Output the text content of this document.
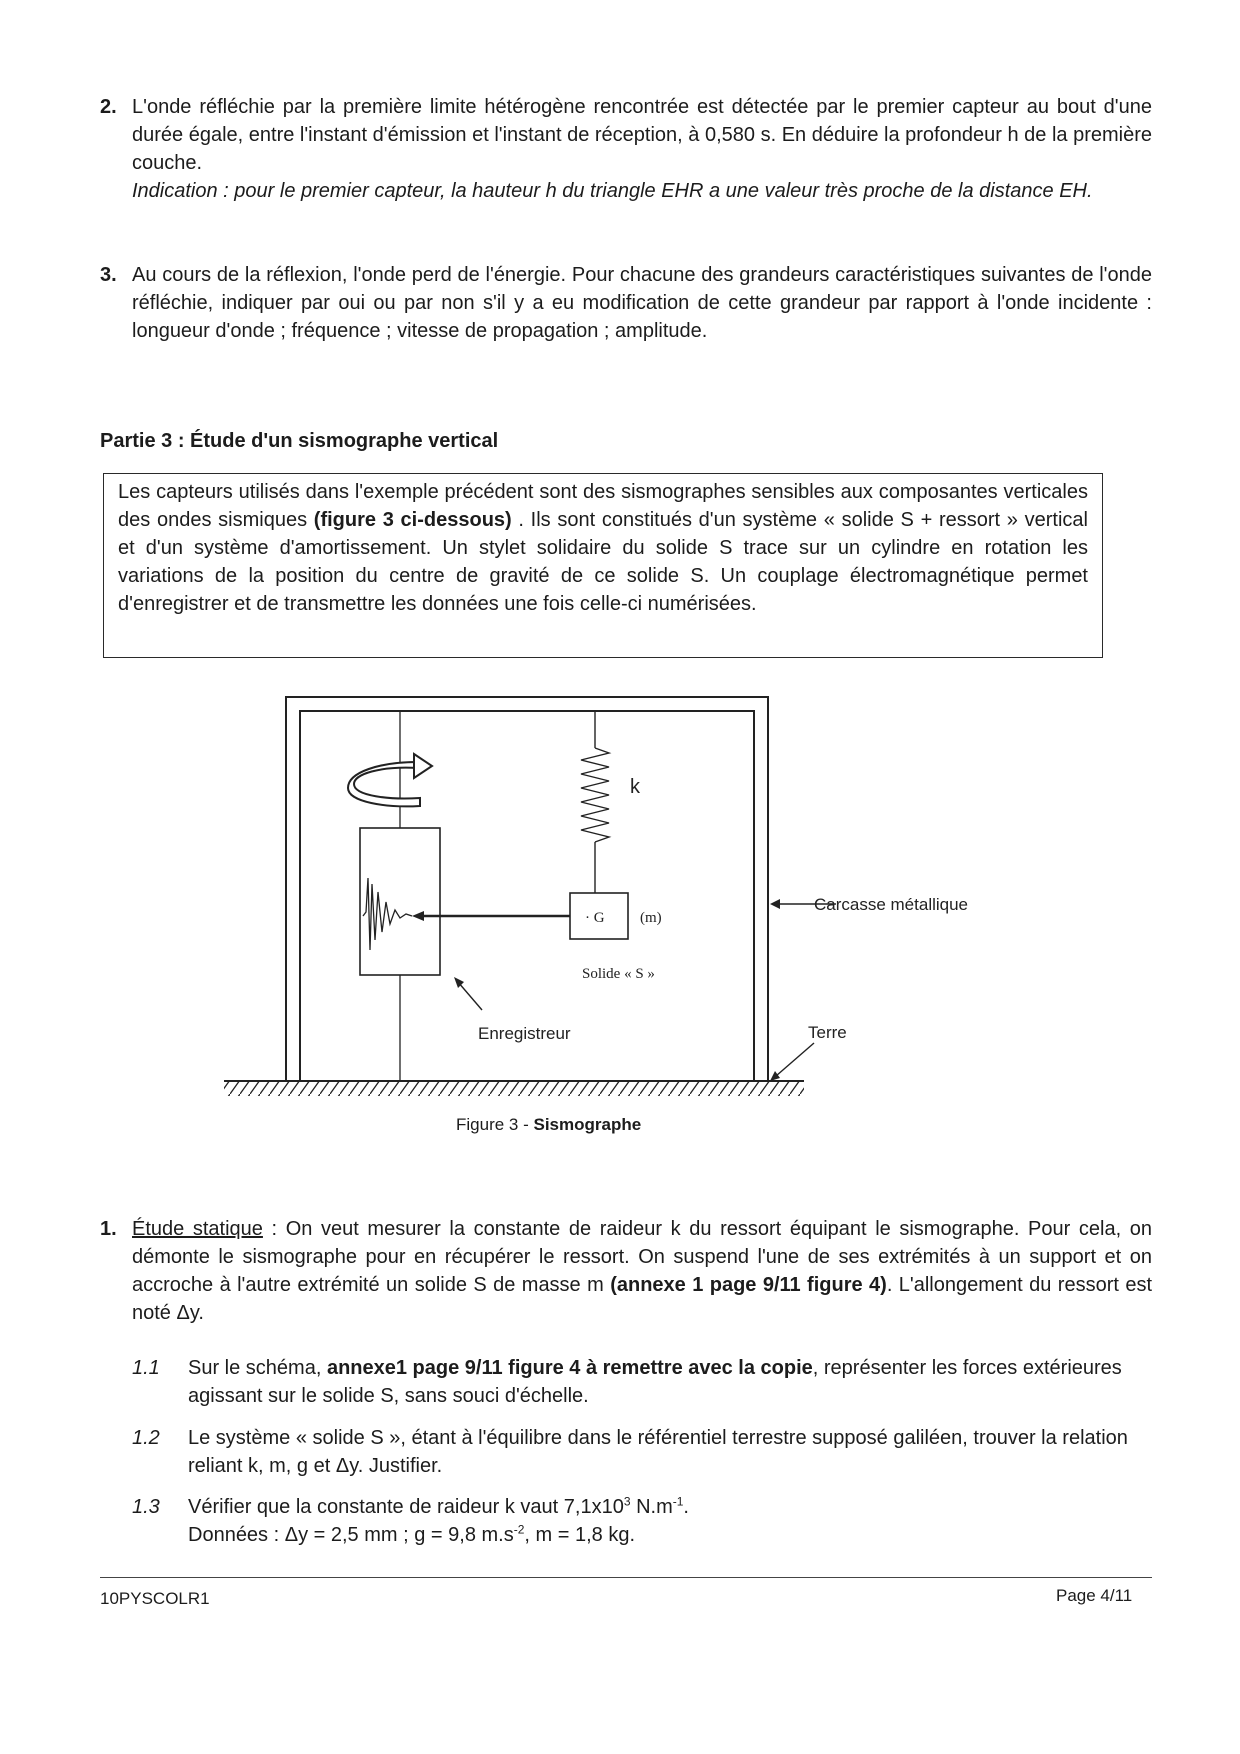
2. L'onde réfléchie par la première limite hétérogène rencontrée est détectée par le premier capteur au bout d'une durée égale, entre l'instant d'émission et l'instant de réception, à 0,580 s. En déduire la profondeur h de la première couche.
Indication : pour le premier capteur, la hauteur h du triangle EHR a une valeur très proche de la distance EH.
3. Au cours de la réflexion, l'onde perd de l'énergie. Pour chacune des grandeurs caractéristiques suivantes de l'onde réfléchie, indiquer par oui ou par non s'il y a eu modification de cette grandeur par rapport à l'onde incidente : longueur d'onde ; fréquence ; vitesse de propagation ; amplitude.
Partie 3 : Étude d'un sismographe vertical
Les capteurs utilisés dans l'exemple précédent sont des sismographes sensibles aux composantes verticales des ondes sismiques (figure 3 ci-dessous) . Ils sont constitués d'un système « solide S + ressort » vertical et d'un système d'amortissement. Un stylet solidaire du solide S trace sur un cylindre en rotation les variations de la position du centre de gravité de ce solide S. Un couplage électromagnétique permet d'enregistrer et de transmettre les données une fois celle-ci numérisées.
k
· G (m)
Solide « S »
Carcasse métallique
Enregistreur	Terre
Figure 3 - Sismographe
1. Étude statique : On veut mesurer la constante de raideur k du ressort équipant le sismographe. Pour cela, on démonte le sismographe pour en récupérer le ressort. On suspend l'une de ses extrémités à un support et on accroche à l'autre extrémité un solide S de masse m (annexe 1 page 9/11 figure 4). L'allongement du ressort est noté Δy.
1.1 Sur le schéma, annexe1 page 9/11 figure 4 à remettre avec la copie, représenter les forces extérieures agissant sur le solide S, sans souci d'échelle.
1.2 Le système « solide S », étant à l'équilibre dans le référentiel terrestre supposé galiléen, trouver la relation reliant k, m, g et Δy. Justifier.
1.3 Vérifier que la constante de raideur k vaut $7,1x10^3$ $N.m^{-1}$.
Données : Δy = 2,5 mm ; g = 9,8 $m.s^{-2}$, m = 1,8 kg.
10PYSCOLR1	Page 4/11
